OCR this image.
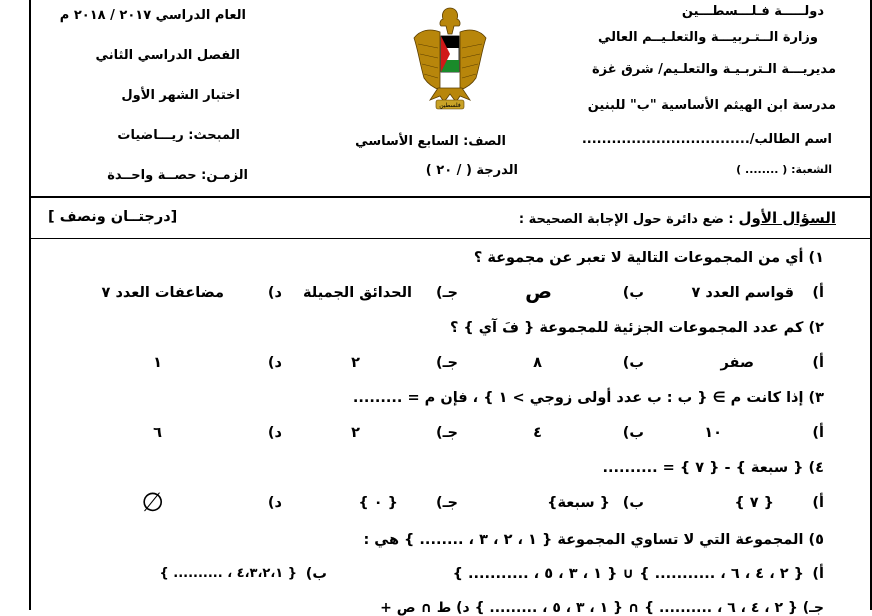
دولـــــة فـلـــسطـــين
وزارة الــتـربيـــة والتعلـيــم العالي
مديريـــة الـتربـيـة والتعلـيم/ شرق غزة
مدرسة ابن الهيثم الأساسية "ب" للبنين
اسم الطالب/..................................
الشعبة: ( ........ )
فلسطين
الصف: السابع الأساسي
الدرجة ( / ٢٠ )
العام الدراسي ٢٠١٧ / ٢٠١٨ م
الفصل الدراسي الثاني
اختبار الشهر الأول
المبحث: ريـــاضيات
الزمـن: حصــة واحــدة
السؤال الأول : ضع دائرة حول الإجابة الصحيحة :
[ درجتــان ونصف]
١) أي من المجموعات التالية لا تعبر عن مجموعة ؟
أ)
قواسم العدد ٧
ب)
ص
جـ)
الحدائق الجميلة
د)
مضاعفات العدد ٧
٢) كم عدد المجموعات الجزئية للمجموعة { فَ آي } ؟
أ)
صفر
ب)
٨
جـ)
٢
د)
١
٣) إذا كانت م ∋ { ب : ب عدد أولى زوجي > ١ } ، فإن م = .........
أ)
١٠
ب)
٤
جـ)
٢
د)
٦
٤) { سبعة } - { ٧ } = ..........
أ)
{ ٧ }
ب)
{ سبعة}
جـ)
{ ٠ }
د)
∅
٥) المجموعة التي لا تساوي المجموعة { ١ ، ٢ ، ٣ ، ........ } هي :
أ)
{ ٢ ، ٤ ، ٦ ، ........... } ∪ { ١ ، ٣ ، ٥ ، ........... }
ب)
{ ٤،٣،٢،١ ، .......... }
جـ) { ٢ ، ٤ ، ٦ ، .......... } ∩ { ١ ، ٣ ، ٥ ، ......... } د) ط ∩ ص +
